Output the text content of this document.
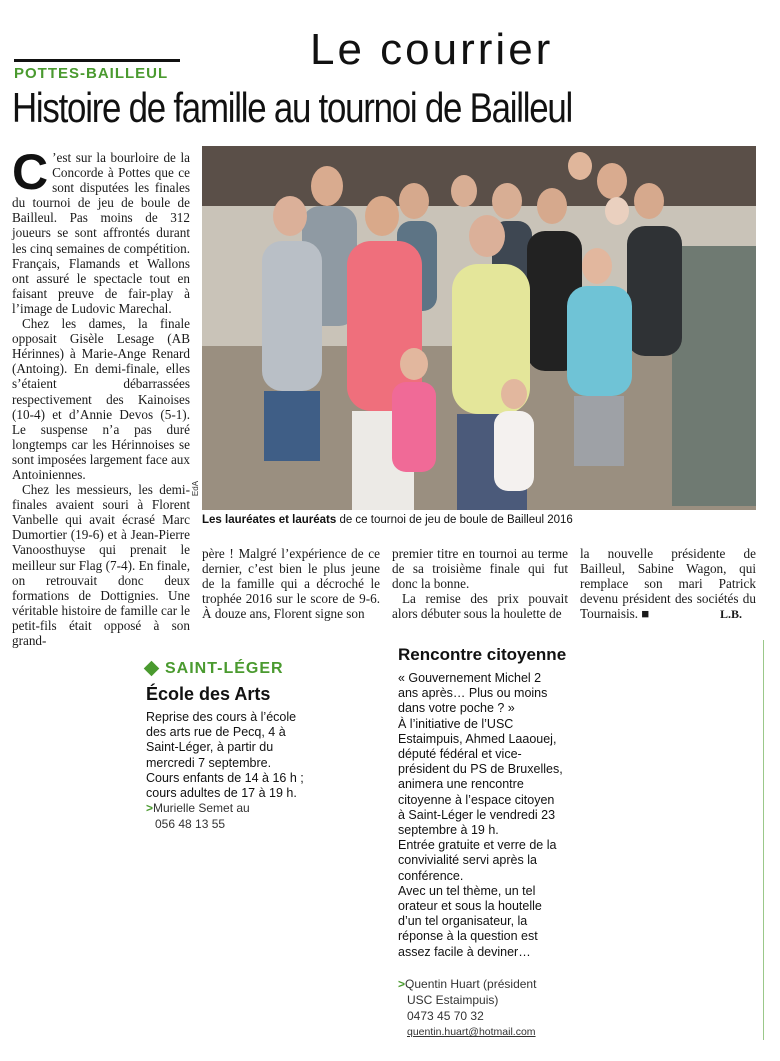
Le courrier
POTTES-BAILLEUL
Histoire de famille au tournoi de Bailleul

C ’est sur la bourloire de la Concorde à Pottes que ce sont disputées les finales du tournoi de jeu de boule de Bailleul. Pas moins de 312 joueurs se sont affrontés durant les cinq semaines de compétition. Français, Flamands et Wallons ont assuré le spectacle tout en faisant preuve de fair-play à l’image de Ludovic Marechal.

Chez les dames, la finale opposait Gisèle Lesage (AB Hérinnes) à Marie-Ange Renard (Antoing). En demi-finale, elles s’étaient débarrassées respectivement des Kainoises (10-4) et d’Annie Devos (5-1). Le suspense n’a pas duré longtemps car les Hérinnoises se sont imposées largement face aux Antoiniennes.

Chez les messieurs, les demi-finales avaient souri à Florent Vanbelle qui avait écrasé Marc Dumortier (19-6) et à Jean-Pierre Vanoosthuyse qui prenait le meilleur sur Flag (7-4). En finale, on retrouvait donc deux formations de Dottignies. Une véritable histoire de famille car le petit-fils était opposé à son grand-

EdA
Les lauréates et lauréats de ce tournoi de jeu de boule de Bailleul 2016

père ! Malgré l’expérience de ce dernier, c’est bien le plus jeune de la famille qui a décroché le trophée 2016 sur le score de 9-6. À douze ans, Florent signe son

premier titre en tournoi au terme de sa troisième finale qui fut donc la bonne.

La remise des prix pouvait alors débuter sous la houlette de

la nouvelle présidente de Bailleul, Sabine Wagon, qui remplace son mari Patrick devenu président des sociétés du Tournaisis. ■	L.B.
SAINT-LÉGER
École des Arts

Reprise des cours à l’école des arts rue de Pecq, 4 à Saint-Léger, à partir du mercredi 7 septembre.

Cours enfants de 14 à 16 h ; cours adultes de 17 à 19 h.

>Murielle Semet au
056 48 13 55
Rencontre citoyenne

« Gouvernement Michel 2 ans après… Plus ou moins dans votre poche ? »

À l’initiative de l’USC Estaimpuis, Ahmed Laaouej, député fédéral et vice-président du PS de Bruxelles, animera une rencontre citoyenne à l’espace citoyen à Saint-Léger le vendredi 23 septembre à 19 h.

Entrée gratuite et verre de la convivialité servi après la conférence.

Avec un tel thème, un tel orateur et sous la houtelle d’un tel organisateur, la réponse à la question est assez facile à deviner…

>Quentin Huart (président
USC Estaimpuis)
0473 45 70 32
quentin.huart@hotmail.com
